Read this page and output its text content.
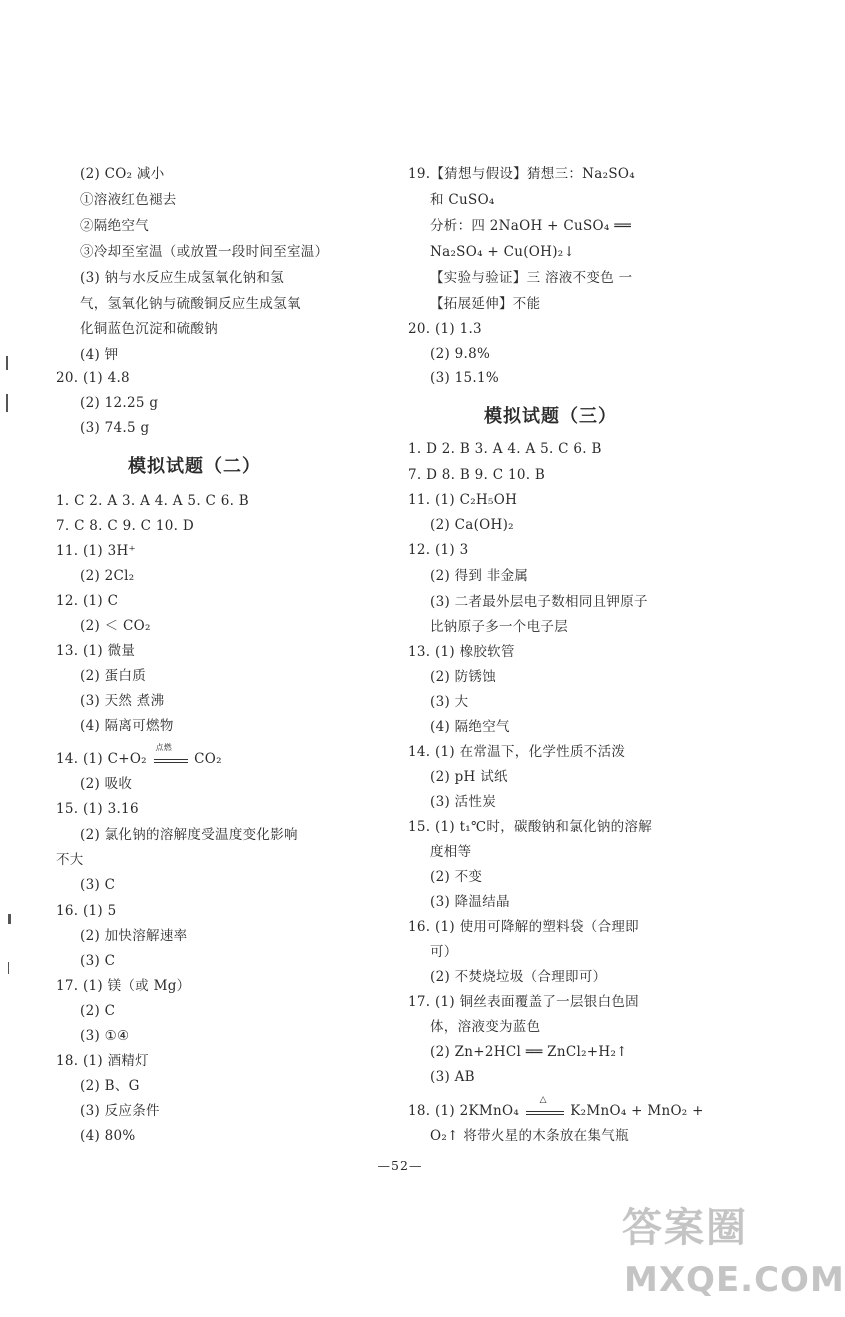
(2) CO₂ 减小
①溶液红色褪去
②隔绝空气
③冷却至室温（或放置一段时间至室温）
(3) 钠与水反应生成氢氧化钠和氢
气，氢氧化钠与硫酸铜反应生成氢氧
化铜蓝色沉淀和硫酸钠
(4) 钾
20. (1) 4.8
(2) 12.25 g
(3) 74.5 g
模拟试题（二）
1. C 2. A 3. A 4. A 5. C 6. B
7. C 8. C 9. C 10. D
11. (1) 3H⁺
(2) 2Cl₂
12. (1) C
(2) ＜ CO₂
13. (1) 微量
(2) 蛋白质
(3) 天然 煮沸
(4) 隔离可燃物
14. (1) C+O₂
点燃
CO₂
(2) 吸收
15. (1) 3.16
(2) 氯化钠的溶解度受温度变化影响
不大
(3) C
16. (1) 5
(2) 加快溶解速率
(3) C
17. (1) 镁（或 Mg）
(2) C
(3) ①④
18. (1) 酒精灯
(2) B、G
(3) 反应条件
(4) 80%
19.【猜想与假设】猜想三：Na₂SO₄
和 CuSO₄
分析：四 2NaOH + CuSO₄ ══
Na₂SO₄ + Cu(OH)₂↓
【实验与验证】三 溶液不变色 一
【拓展延伸】不能
20. (1) 1.3
(2) 9.8%
(3) 15.1%
模拟试题（三）
1. D 2. B 3. A 4. A 5. C 6. B
7. D 8. B 9. C 10. B
11. (1) C₂H₅OH
(2) Ca(OH)₂
12. (1) 3
(2) 得到 非金属
(3) 二者最外层电子数相同且钾原子
比钠原子多一个电子层
13. (1) 橡胶软管
(2) 防锈蚀
(3) 大
(4) 隔绝空气
14. (1) 在常温下，化学性质不活泼
(2) pH 试纸
(3) 活性炭
15. (1) t₁℃时，碳酸钠和氯化钠的溶解
度相等
(2) 不变
(3) 降温结晶
16. (1) 使用可降解的塑料袋（合理即
可）
(2) 不焚烧垃圾（合理即可）
17. (1) 铜丝表面覆盖了一层银白色固
体，溶液变为蓝色
(2) Zn+2HCl ══ ZnCl₂+H₂↑
(3) AB
18. (1) 2KMnO₄
△
K₂MnO₄ + MnO₂ +
O₂↑ 将带火星的木条放在集气瓶
—52—
答案圈
MXQE.COM
